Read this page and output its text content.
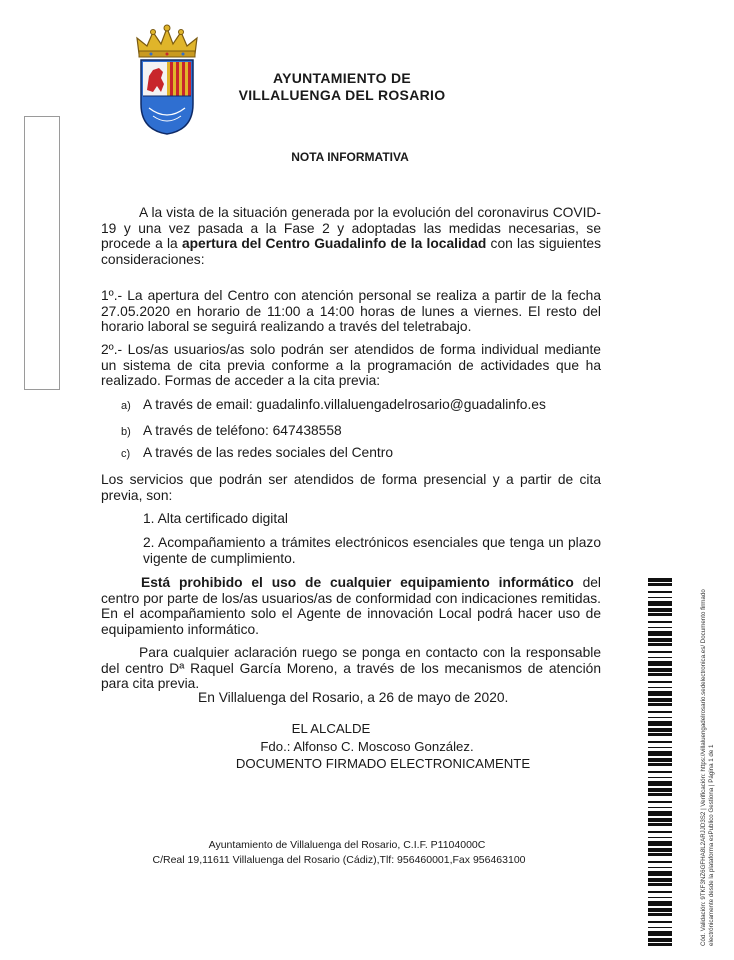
AYUNTAMIENTO DE
VILLALUENGA DEL ROSARIO
NOTA INFORMATIVA
A la vista de la situación generada por la evolución del coronavirus COVID-19 y una vez pasada a la Fase 2 y adoptadas las medidas necesarias, se procede a la apertura del Centro Guadalinfo de la localidad con las siguientes consideraciones:
1º.- La apertura del Centro con atención personal se realiza a partir de la fecha 27.05.2020 en horario de 11:00 a 14:00 horas de lunes a viernes. El resto del horario laboral se seguirá realizando a través del teletrabajo.
2º.- Los/as usuarios/as solo podrán ser atendidos de forma individual mediante un sistema de cita previa conforme a la programación de actividades que ha realizado. Formas de acceder a la cita previa:
a) A través de email: guadalinfo.villaluengadelrosario@guadalinfo.es
b) A través de teléfono: 647438558
c) A través de las redes sociales del Centro
Los servicios que podrán ser atendidos de forma presencial y a partir de cita previa, son:
1. Alta certificado digital
2. Acompañamiento a trámites electrónicos esenciales que tenga un plazo vigente de cumplimiento.
Está prohibido el uso de cualquier equipamiento informático del centro por parte de los/as usuarios/as de conformidad con indicaciones remitidas. En el acompañamiento solo el Agente de innovación Local podrá hacer uso de equipamiento informático.
Para cualquier aclaración ruego se ponga en contacto con la responsable del centro Dª Raquel García Moreno, a través de los mecanismos de atención para cita previa.
En Villaluenga del Rosario, a 26 de mayo de 2020.
EL ALCALDE
Fdo.: Alfonso C. Moscoso González.
DOCUMENTO FIRMADO ELECTRONICAMENTE
Ayuntamiento de Villaluenga del Rosario, C.I.F. P1104000C
C/Real 19,11611 Villaluenga del Rosario (Cádiz),Tlf: 956460001,Fax 956463100	Cód. Validación: 9TKF3NZ6GFHA8L2ARJJD3S2 | Verificación: https://villaluengadelrosario.sedelectronica.es/ Documento firmado electrónicamente desde la plataforma esPublico Gestiona | Página 1 de 1
